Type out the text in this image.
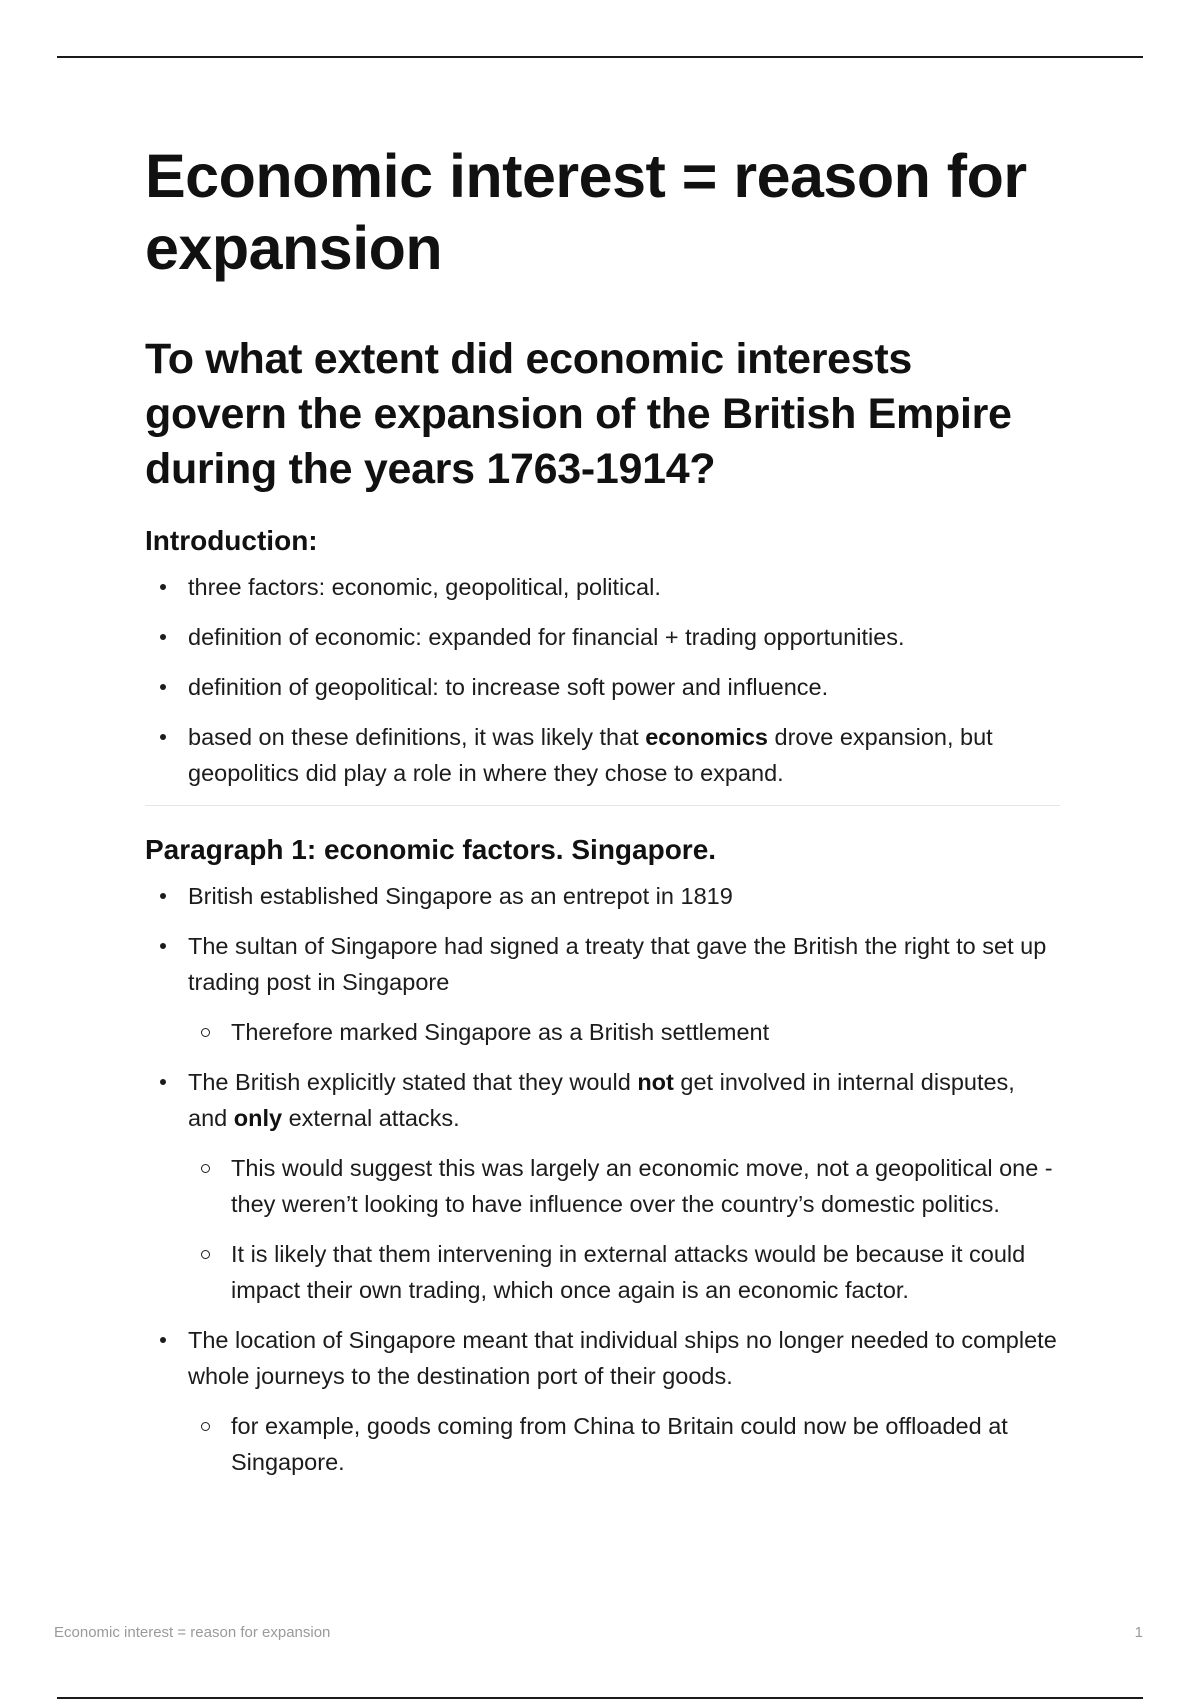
Economic interest = reason for expansion
To what extent did economic interests govern the expansion of the British Empire during the years 1763-1914?
Introduction:
three factors: economic, geopolitical, political.
definition of economic: expanded for financial + trading opportunities.
definition of geopolitical: to increase soft power and influence.
based on these definitions, it was likely that economics drove expansion, but geopolitics did play a role in where they chose to expand.
Paragraph 1: economic factors. Singapore.
British established Singapore as an entrepot in 1819
The sultan of Singapore had signed a treaty that gave the British the right to set up trading post in Singapore
Therefore marked Singapore as a British settlement
The British explicitly stated that they would not get involved in internal disputes, and only external attacks.
This would suggest this was largely an economic move, not a geopolitical one - they weren’t looking to have influence over the country’s domestic politics.
It is likely that them intervening in external attacks would be because it could impact their own trading, which once again is an economic factor.
The location of Singapore meant that individual ships no longer needed to complete whole journeys to the destination port of their goods.
for example, goods coming from China to Britain could now be offloaded at Singapore.
Economic interest = reason for expansion	1
